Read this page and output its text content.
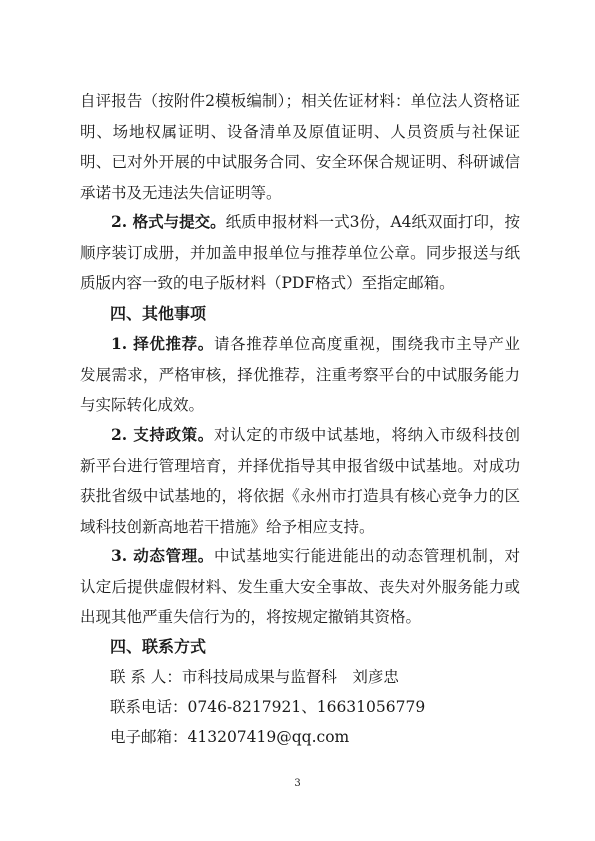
自评报告（按附件2模板编制）；相关佐证材料：单位法人资格证明、场地权属证明、设备清单及原值证明、人员资质与社保证明、已对外开展的中试服务合同、安全环保合规证明、科研诚信承诺书及无违法失信证明等。

2. 格式与提交。纸质申报材料一式3份，A4纸双面打印，按顺序装订成册，并加盖申报单位与推荐单位公章。同步报送与纸质版内容一致的电子版材料（PDF格式）至指定邮箱。

四、其他事项

1. 择优推荐。请各推荐单位高度重视，围绕我市主导产业发展需求，严格审核，择优推荐，注重考察平台的中试服务能力与实际转化成效。

2. 支持政策。对认定的市级中试基地，将纳入市级科技创新平台进行管理培育，并择优指导其申报省级中试基地。对成功获批省级中试基地的，将依据《永州市打造具有核心竞争力的区域科技创新高地若干措施》给予相应支持。

3. 动态管理。中试基地实行能进能出的动态管理机制，对认定后提供虚假材料、发生重大安全事故、丧失对外服务能力或出现其他严重失信行为的，将按规定撤销其资格。

四、联系方式

联 系 人：市科技局成果与监督科　刘彦忠

联系电话：0746-8217921、16631056779

电子邮箱：413207419@qq.com

3
